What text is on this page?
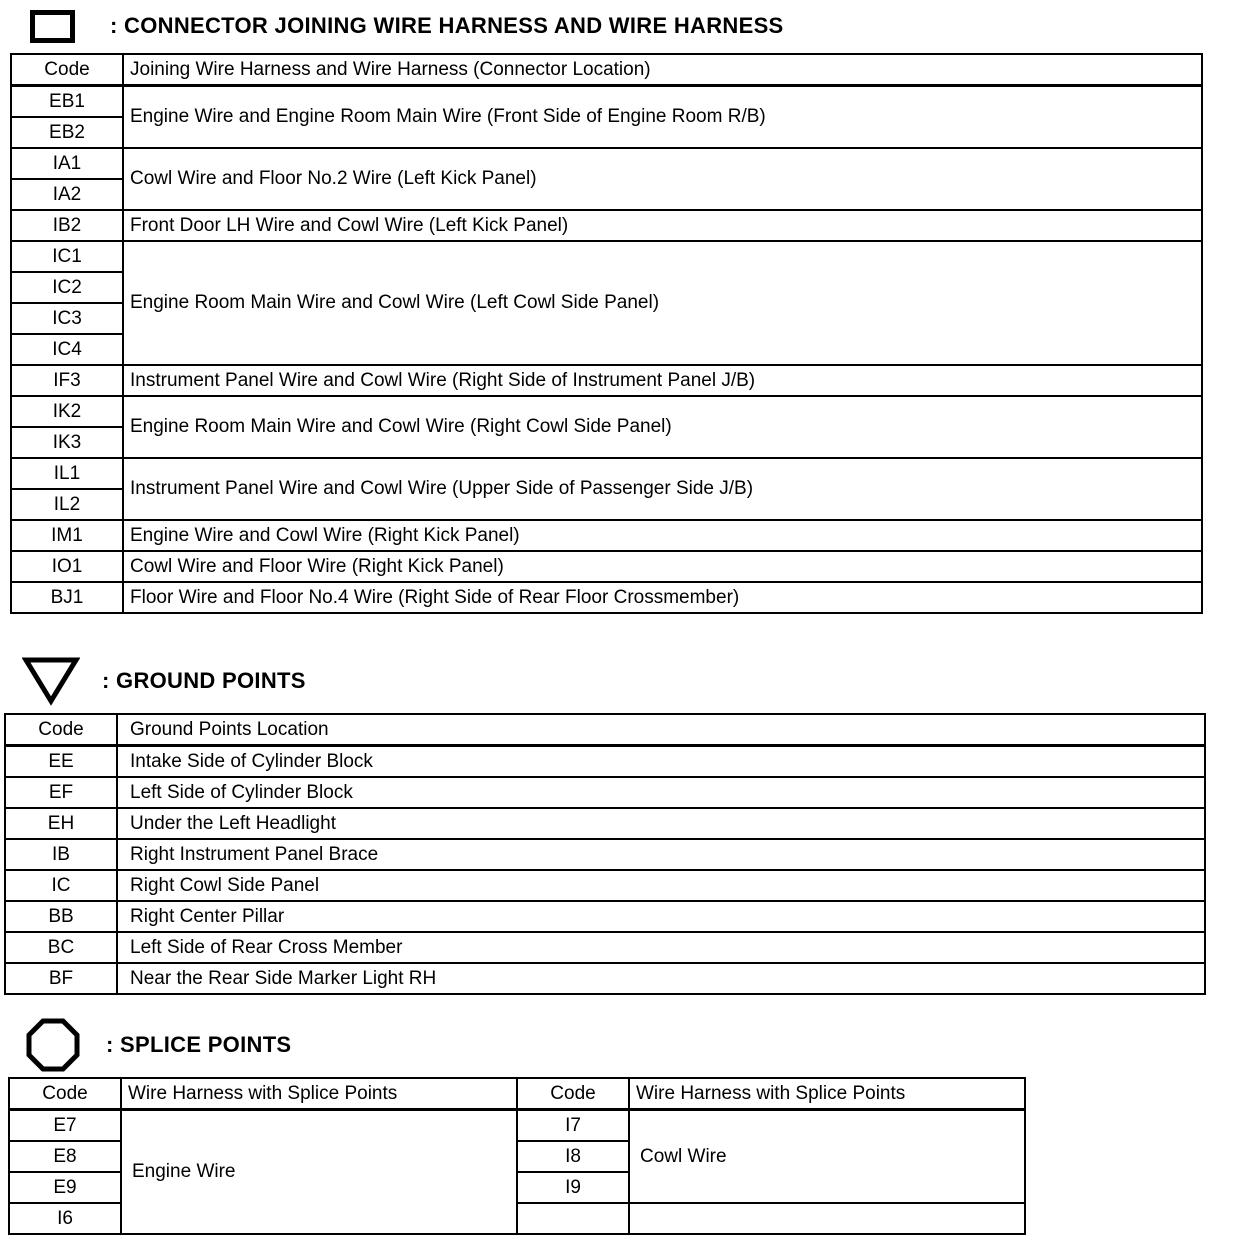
: CONNECTOR JOINING WIRE HARNESS AND WIRE HARNESS
Code	Joining Wire Harness and Wire Harness (Connector Location)
EB1	Engine Wire and Engine Room Main Wire (Front Side of Engine Room R/B)
EB2	
IA1	Cowl Wire and Floor No.2 Wire (Left Kick Panel)
IA2	
IB2	Front Door LH Wire and Cowl Wire (Left Kick Panel)
IC1	Engine Room Main Wire and Cowl Wire (Left Cowl Side Panel)
IC2	
IC3	
IC4	
IF3	Instrument Panel Wire and Cowl Wire (Right Side of Instrument Panel J/B)
IK2	Engine Room Main Wire and Cowl Wire (Right Cowl Side Panel)
IK3	
IL1	Instrument Panel Wire and Cowl Wire (Upper Side of Passenger Side J/B)
IL2	
IM1	Engine Wire and Cowl Wire (Right Kick Panel)
IO1	Cowl Wire and Floor Wire (Right Kick Panel)
BJ1	Floor Wire and Floor No.4 Wire (Right Side of Rear Floor Crossmember)
: GROUND POINTS
Code	Ground Points Location
EE	Intake Side of Cylinder Block
EF	Left Side of Cylinder Block
EH	Under the Left Headlight
IB	Right Instrument Panel Brace
IC	Right Cowl Side Panel
BB	Right Center Pillar
BC	Left Side of Rear Cross Member
BF	Near the Rear Side Marker Light RH
: SPLICE POINTS
Code	Wire Harness with Splice Points	Code	Wire Harness with Splice Points
E7	Engine Wire	I7	Cowl Wire
E8		I8	
E9		I9	
I6			
